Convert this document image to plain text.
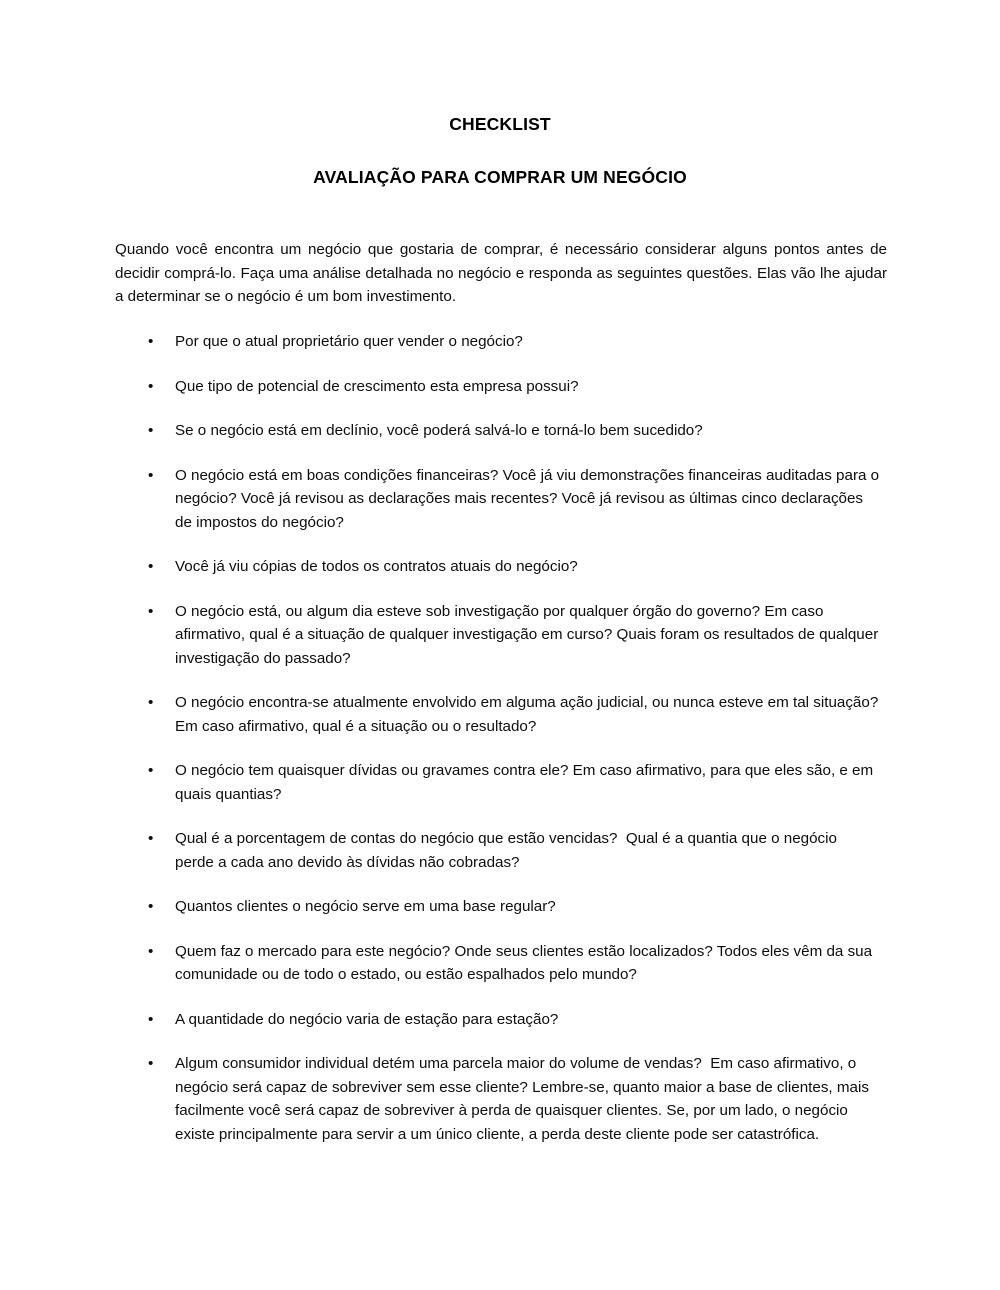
CHECKLIST
AVALIAÇÃO PARA COMPRAR UM NEGÓCIO

Quando você encontra um negócio que gostaria de comprar, é necessário considerar alguns pontos antes de decidir comprá-lo. Faça uma análise detalhada no negócio e responda as seguintes questões. Elas vão lhe ajudar a determinar se o negócio é um bom investimento.

•	Por que o atual proprietário quer vender o negócio?
•	Que tipo de potencial de crescimento esta empresa possui?
•	Se o negócio está em declínio, você poderá salvá-lo e torná-lo bem sucedido?
•	O negócio está em boas condições financeiras? Você já viu demonstrações financeiras auditadas para o negócio? Você já revisou as declarações mais recentes? Você já revisou as últimas cinco declarações de impostos do negócio?
•	Você já viu cópias de todos os contratos atuais do negócio?
•	O negócio está, ou algum dia esteve sob investigação por qualquer órgão do governo? Em caso afirmativo, qual é a situação de qualquer investigação em curso? Quais foram os resultados de qualquer investigação do passado?
•	O negócio encontra-se atualmente envolvido em alguma ação judicial, ou nunca esteve em tal situação? Em caso afirmativo, qual é a situação ou o resultado?
•	O negócio tem quaisquer dívidas ou gravames contra ele? Em caso afirmativo, para que eles são, e em quais quantias?
•	Qual é a porcentagem de contas do negócio que estão vencidas?  Qual é a quantia que o negócio perde a cada ano devido às dívidas não cobradas?
•	Quantos clientes o negócio serve em uma base regular?
•	Quem faz o mercado para este negócio? Onde seus clientes estão localizados? Todos eles vêm da sua comunidade ou de todo o estado, ou estão espalhados pelo mundo?
•	A quantidade do negócio varia de estação para estação?
•	Algum consumidor individual detém uma parcela maior do volume de vendas?  Em caso afirmativo, o negócio será capaz de sobreviver sem esse cliente? Lembre-se, quanto maior a base de clientes, mais facilmente você será capaz de sobreviver à perda de quaisquer clientes. Se, por um lado, o negócio existe principalmente para servir a um único cliente, a perda deste cliente pode ser catastrófica.
